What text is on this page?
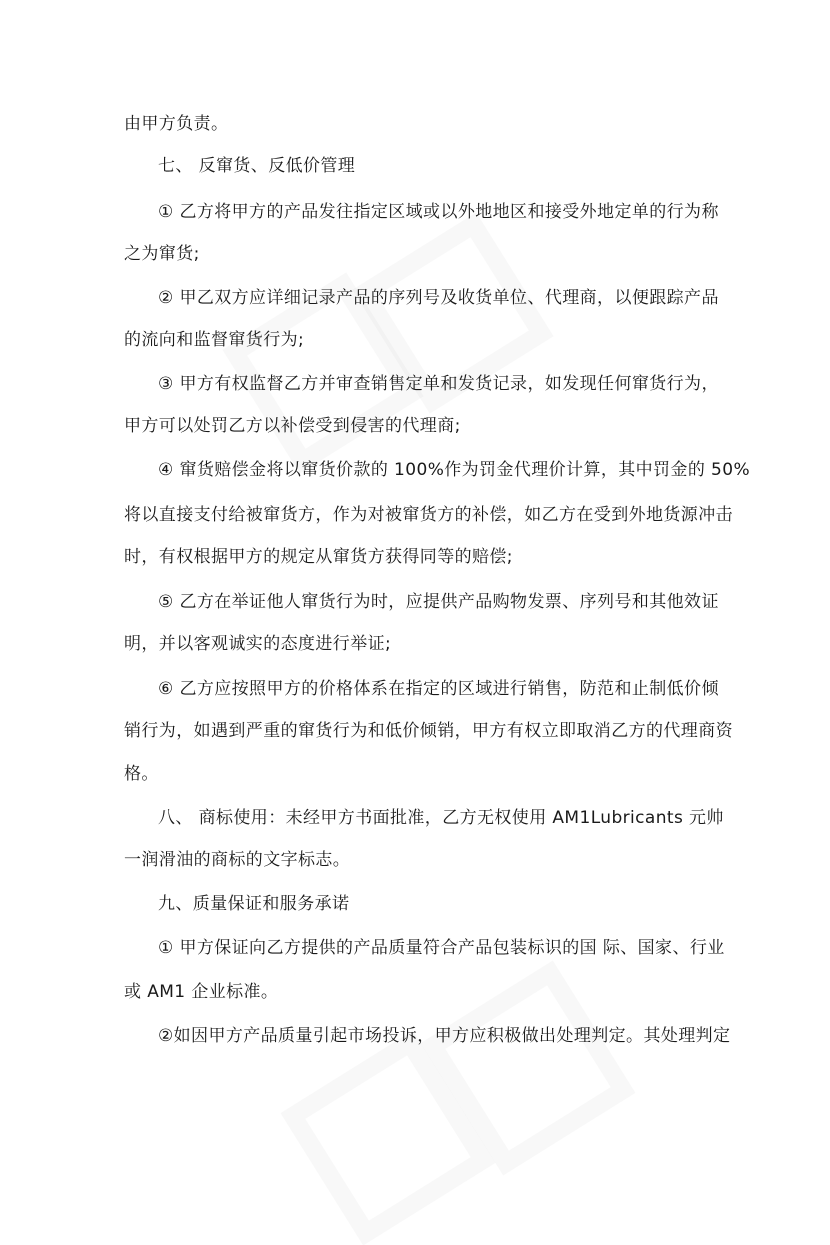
由甲方负责。
七、 反窜货、反低价管理
① 乙方将甲方的产品发往指定区域或以外地地区和接受外地定单的行为称
之为窜货;
② 甲乙双方应详细记录产品的序列号及收货单位、代理商，以便跟踪产品
的流向和监督窜货行为;
③ 甲方有权监督乙方并审查销售定单和发货记录，如发现任何窜货行为，
甲方可以处罚乙方以补偿受到侵害的代理商;
④ 窜货赔偿金将以窜货价款的 100%作为罚金代理价计算，其中罚金的 50%
将以直接支付给被窜货方，作为对被窜货方的补偿，如乙方在受到外地货源冲击
时，有权根据甲方的规定从窜货方获得同等的赔偿;
⑤ 乙方在举证他人窜货行为时，应提供产品购物发票、序列号和其他效证
明，并以客观诚实的态度进行举证;
⑥ 乙方应按照甲方的价格体系在指定的区域进行销售，防范和止制低价倾
销行为，如遇到严重的窜货行为和低价倾销，甲方有权立即取消乙方的代理商资
格。
八、 商标使用：未经甲方书面批准，乙方无权使用 AM1Lubricants 元帅
一润滑油的商标的文字标志。
九、质量保证和服务承诺
① 甲方保证向乙方提供的产品质量符合产品包装标识的国 际、国家、行业
或 AM1 企业标准。
②如因甲方产品质量引起市场投诉，甲方应积极做出处理判定。其处理判定
